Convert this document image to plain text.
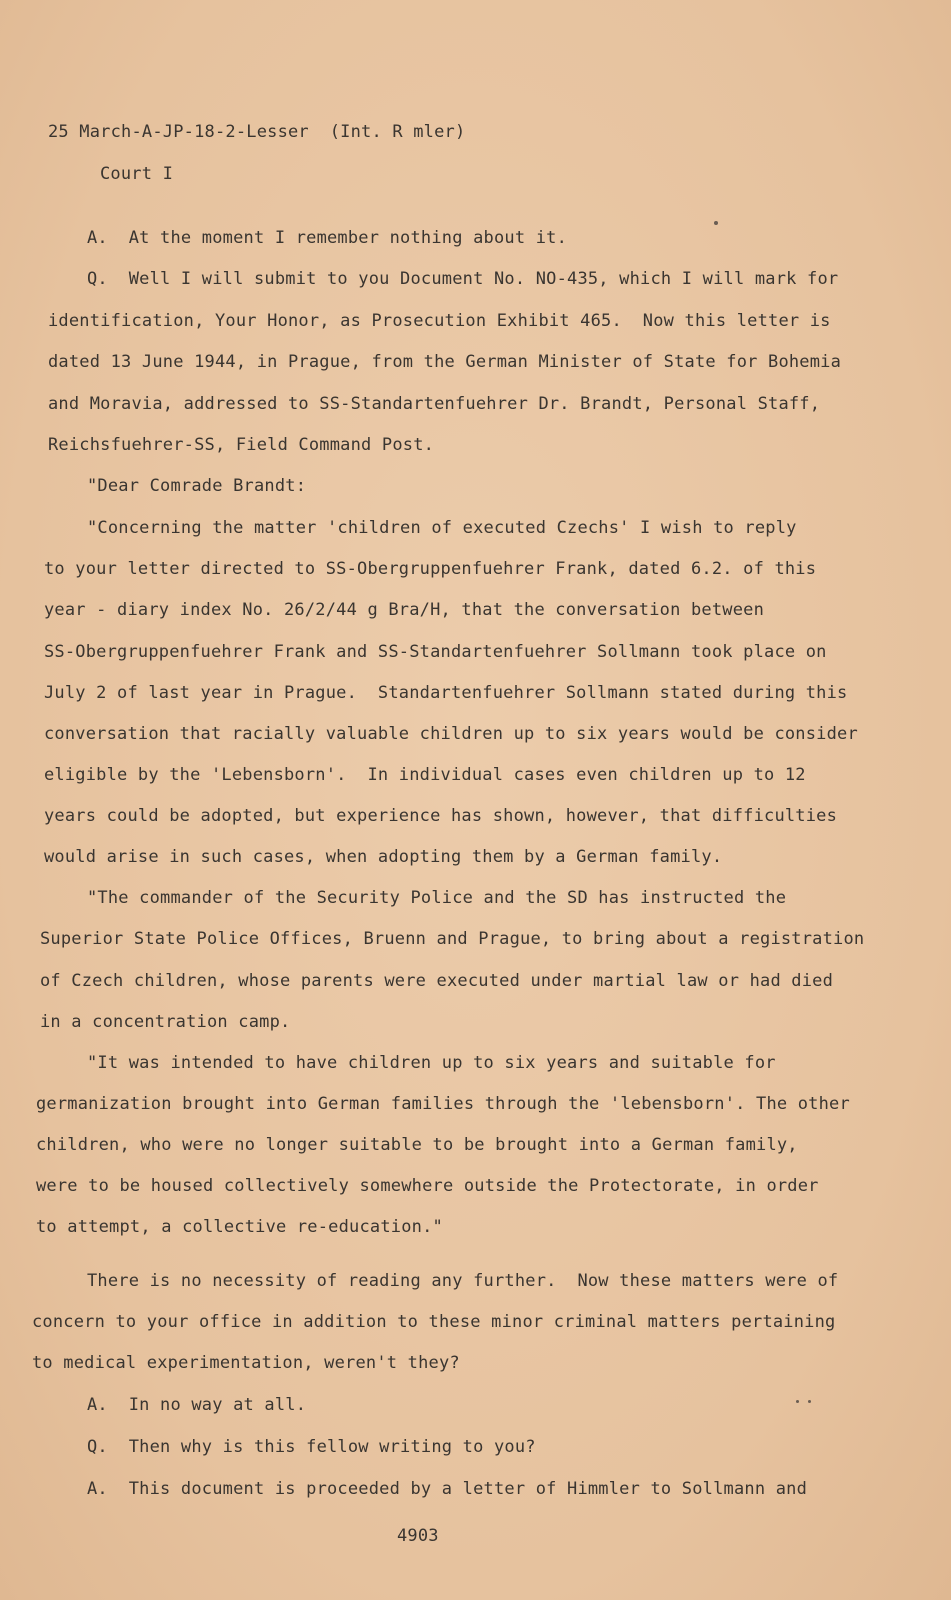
25 March-A-JP-18-2-Lesser  (Int. R mler)
Court I
A.  At the moment I remember nothing about it.
Q.  Well I will submit to you Document No. NO-435, which I will mark for
identification, Your Honor, as Prosecution Exhibit 465.  Now this letter is
dated 13 June 1944, in Prague, from the German Minister of State for Bohemia
and Moravia, addressed to SS-Standartenfuehrer Dr. Brandt, Personal Staff,
Reichsfuehrer-SS, Field Command Post.
"Dear Comrade Brandt:
"Concerning the matter 'children of executed Czechs' I wish to reply
to your letter directed to SS-Obergruppenfuehrer Frank, dated 6.2. of this
year - diary index No. 26/2/44 g Bra/H, that the conversation between
SS-Obergruppenfuehrer Frank and SS-Standartenfuehrer Sollmann took place on
July 2 of last year in Prague.  Standartenfuehrer Sollmann stated during this
conversation that racially valuable children up to six years would be consider
eligible by the 'Lebensborn'.  In individual cases even children up to 12
years could be adopted, but experience has shown, however, that difficulties
would arise in such cases, when adopting them by a German family.
"The commander of the Security Police and the SD has instructed the
Superior State Police Offices, Bruenn and Prague, to bring about a registration
of Czech children, whose parents were executed under martial law or had died
in a concentration camp.
"It was intended to have children up to six years and suitable for
germanization brought into German families through the 'lebensborn'. The other
children, who were no longer suitable to be brought into a German family,
were to be housed collectively somewhere outside the Protectorate, in order
to attempt, a collective re-education."
There is no necessity of reading any further.  Now these matters were of
concern to your office in addition to these minor criminal matters pertaining
to medical experimentation, weren't they?
A.  In no way at all.
Q.  Then why is this fellow writing to you?
A.  This document is proceeded by a letter of Himmler to Sollmann and
4903
